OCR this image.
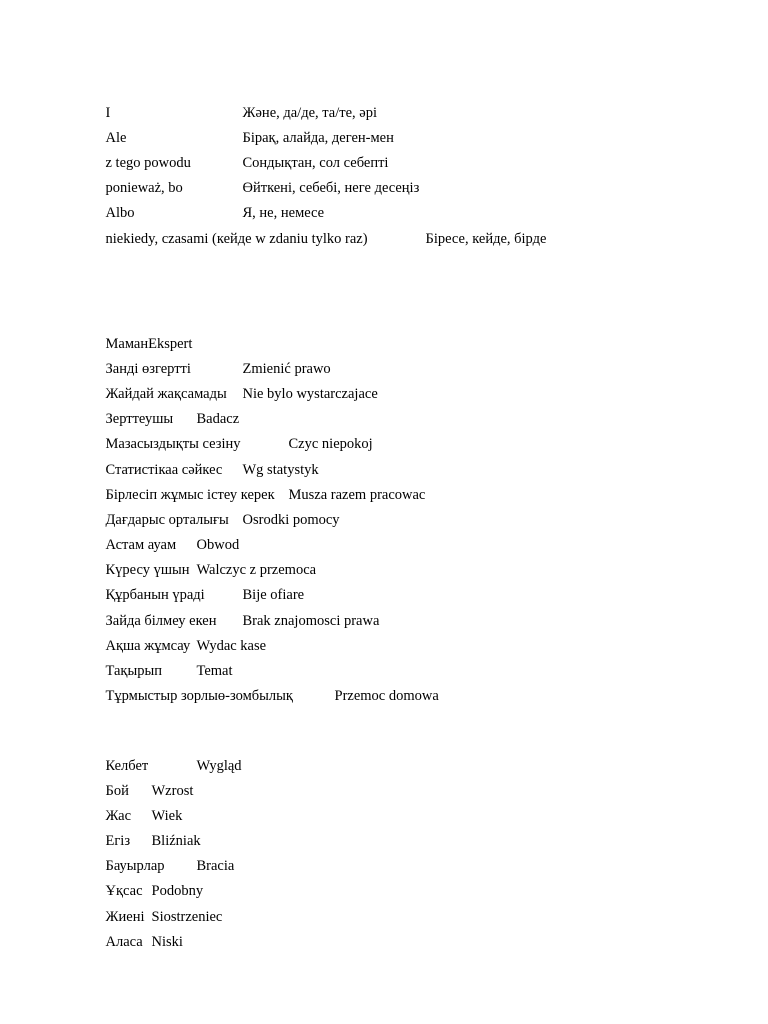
I	Және, да/де, та/те, әрі

Ale	Бірақ, алайда, деген-мен

z tego powodu	Сондықтан, сол себепті

ponieważ, bo	Өйткені, себебі, неге десеңіз

Albo	Я, не, немесе

niekiedy, czasami (кейде w zdaniu tylko raz)	Біресе, кейде, бірде

МаманEkspert

Занді өзгертті	Zmienić prawo

Жайдай жақсамады Nie bylo wystarczajace

Зерттеушы Badacz

Мазасыздықты сезіну	Czyc niepokoj

Статистікаа сәйкес Wg statystyk

Бірлесіп жұмыс істеу керек Musza razem pracowac

Дағдарыс орталығы Osrodki pomocy

Астам ауам Obwod

Күресу үшын Walczyc z przemoca

Құрбанын үраді	Bije ofiare

Зайда білмеу екен Brak znajomosci prawa

Ақша жұмсау Wydac kase

Тақырып Temat

Тұрмыстыр зорлыө-зомбылық	Przemoc domowa

Келбет	Wygląd

Бой Wzrost

Жас Wiek

Егіз Bliźniak

Бауырлар Bracia

Ұқсас Podobny

Жиені Siostrzeniec

Аласа Niski
